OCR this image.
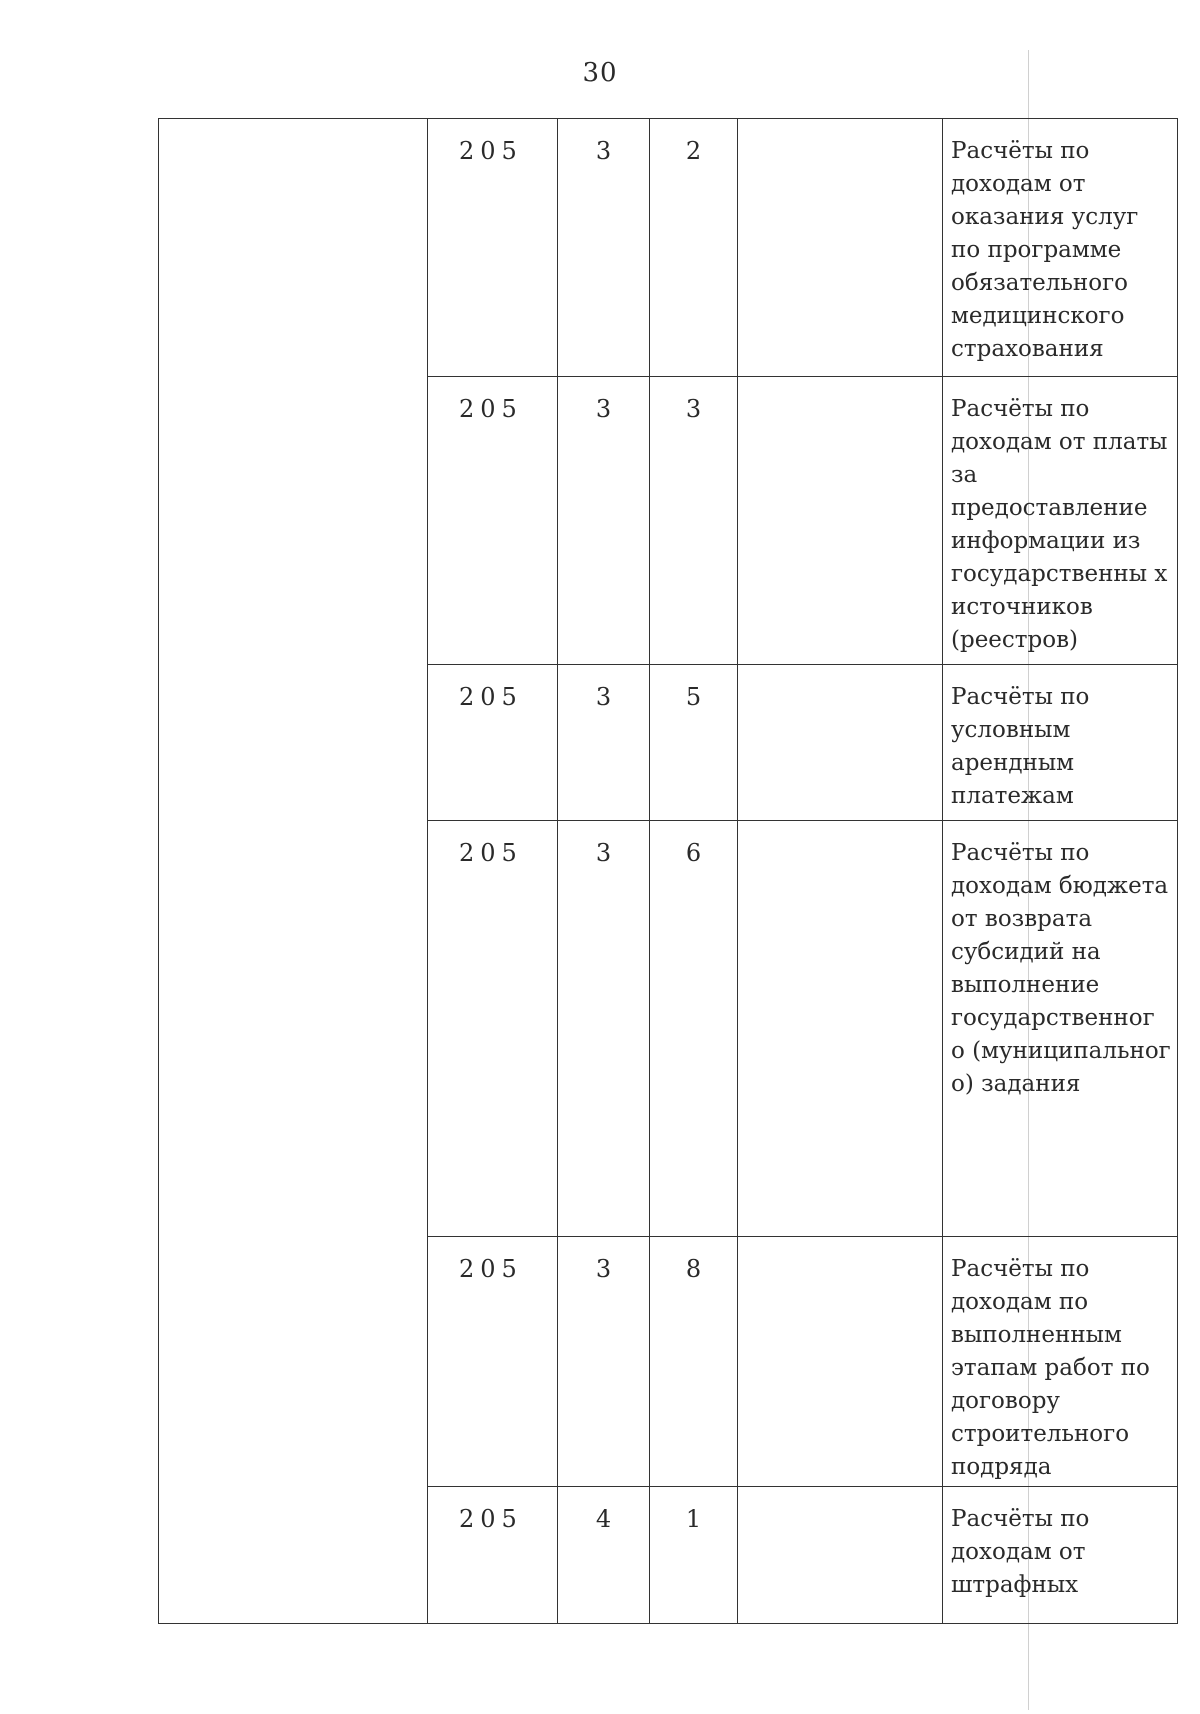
30
205	3	2	Расчёты по доходам от оказания услуг по программе обязательного медицинского страхования
205	3	3	Расчёты по доходам от платы за предоставление информации из государственны х источников (реестров)
205	3	5	Расчёты по условным арендным платежам
205	3	6	Расчёты по доходам бюджета от возврата субсидий на выполнение государственног о (муниципальног о) задания
205	3	8	Расчёты по доходам по выполненным этапам работ по договору строительного подряда
205	4	1	Расчёты по доходам от штрафных
